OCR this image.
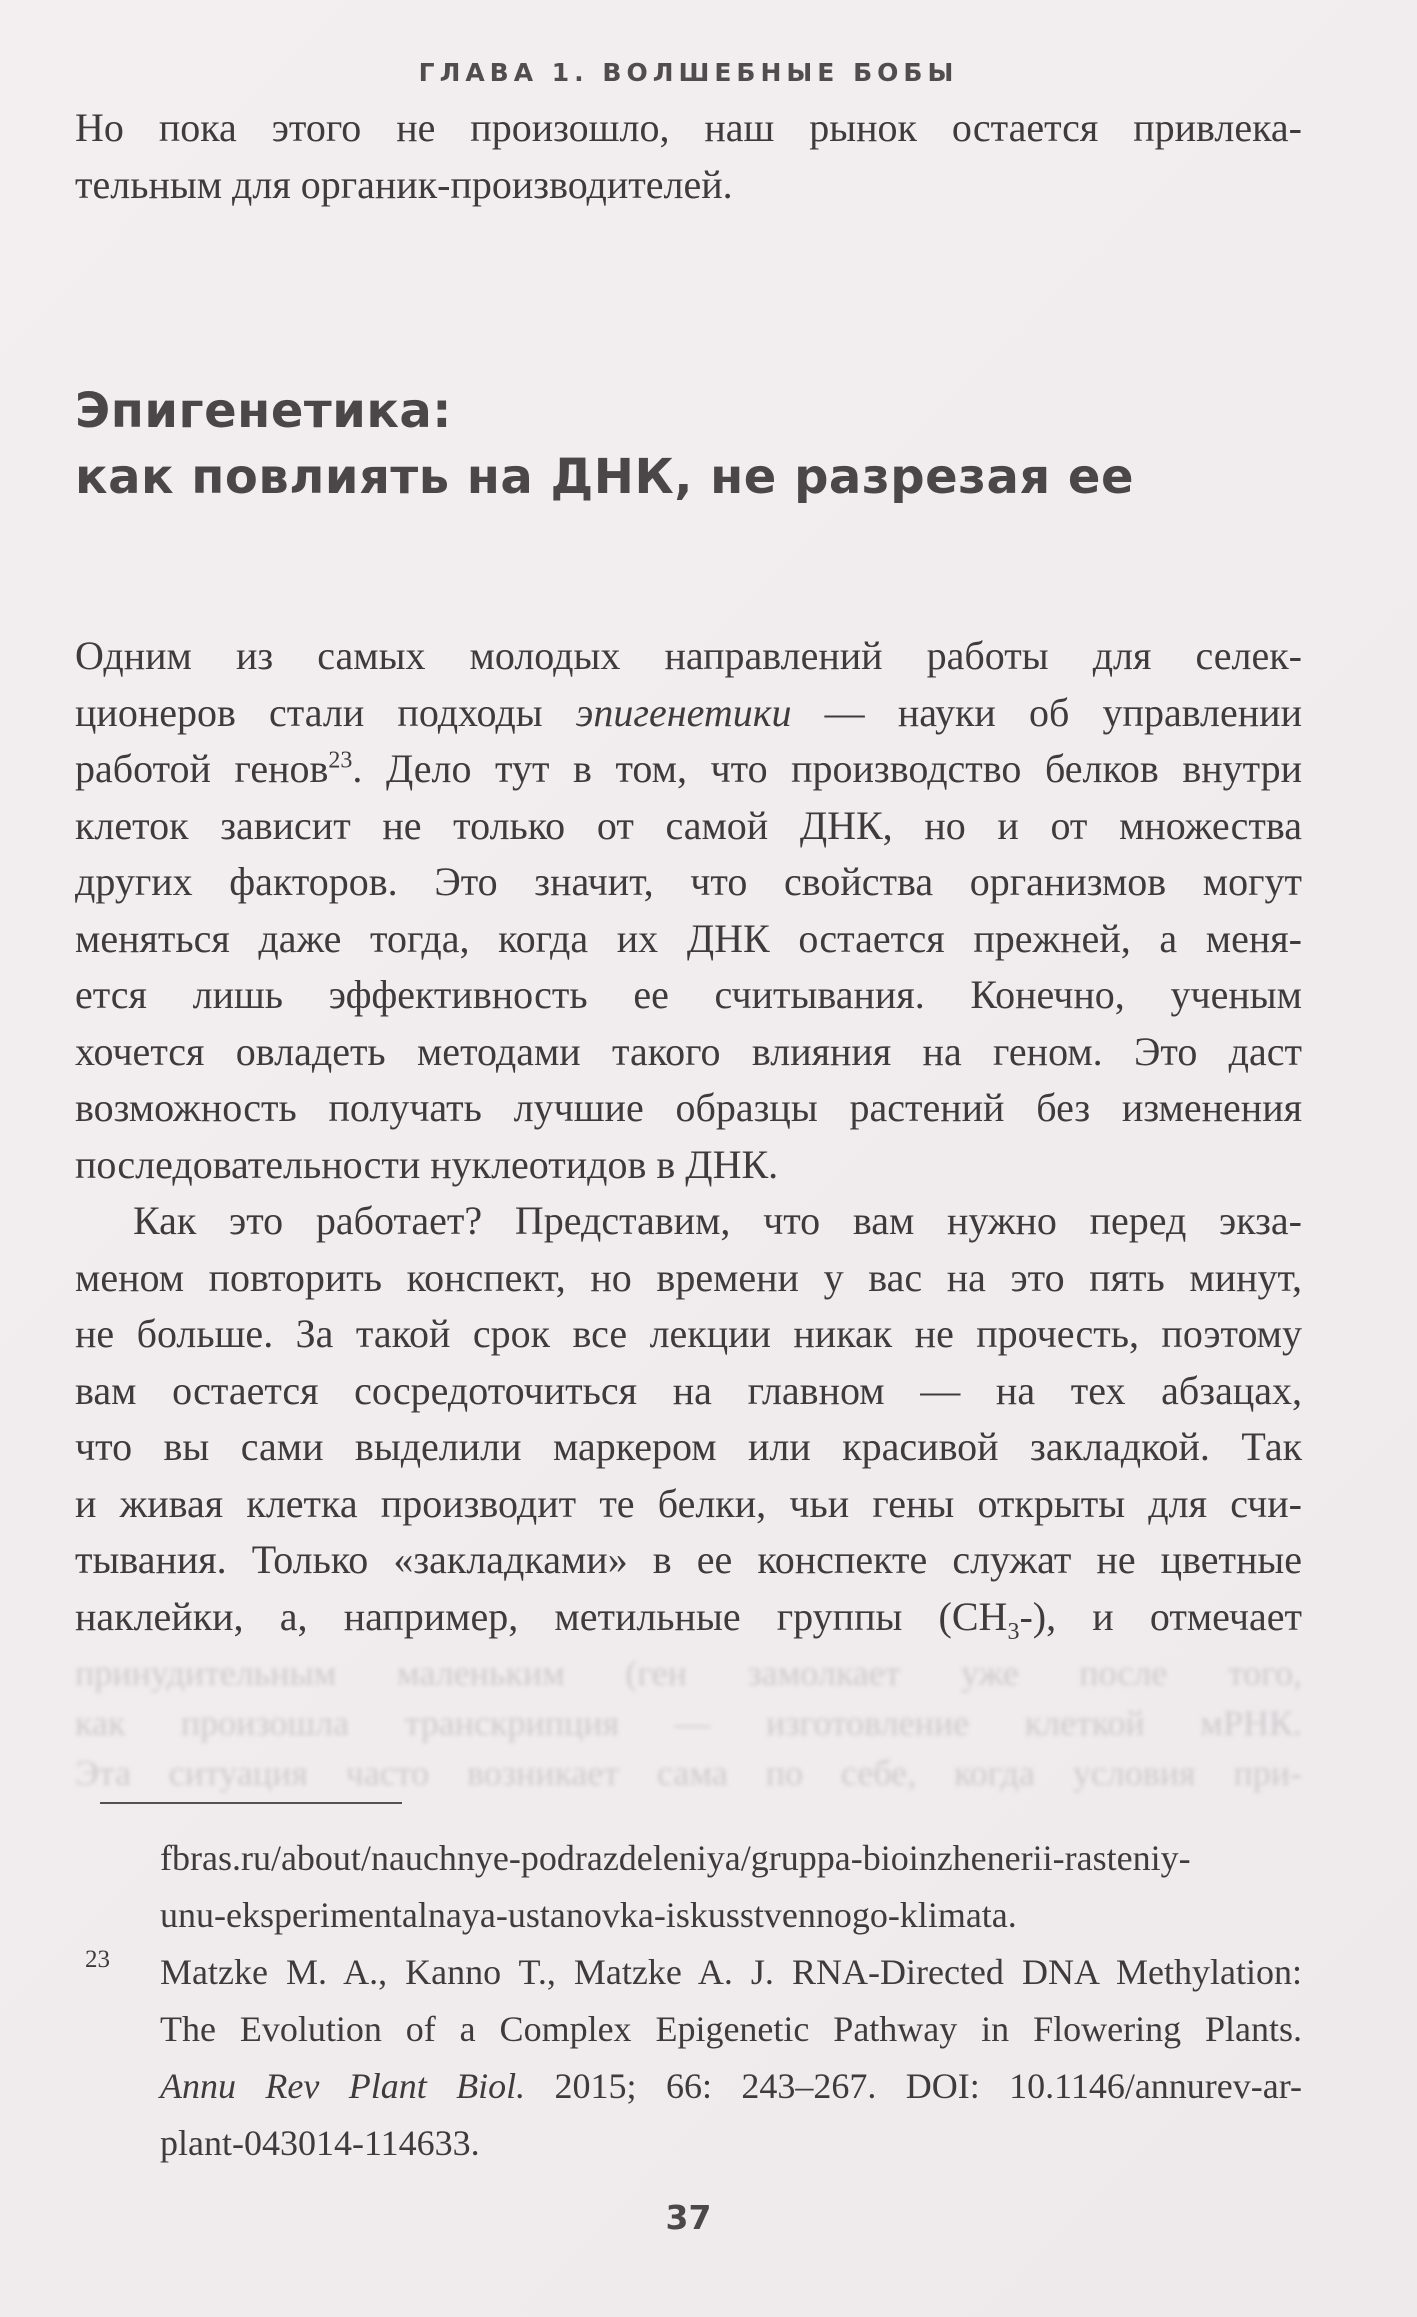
ГЛАВА 1. ВОЛШЕБНЫЕ БОБЫ
Но пока этого не произошло, наш рынок остается привлека-
тельным для органик-производителей.
Эпигенетика:
как повлиять на ДНК, не разрезая ее
Одним из самых молодых направлений работы для селек-
ционеров стали подходы эпигенетики — науки об управлении
работой генов$^{23}$. Дело тут в том, что производство белков внутри
клеток зависит не только от самой ДНК, но и от множества
других факторов. Это значит, что свойства организмов могут
меняться даже тогда, когда их ДНК остается прежней, а меня-
ется лишь эффективность ее считывания. Конечно, ученым
хочется овладеть методами такого влияния на геном. Это даст
возможность получать лучшие образцы растений без изменения
последовательности нуклеотидов в ДНК.
Как это работает? Представим, что вам нужно перед экза-
меном повторить конспект, но времени у вас на это пять минут,
не больше. За такой срок все лекции никак не прочесть, поэтому
вам остается сосредоточиться на главном — на тех абзацах,
что вы сами выделили маркером или красивой закладкой. Так
и живая клетка производит те белки, чьи гены открыты для счи-
тывания. Только «закладками» в ее конспекте служат не цветные
наклейки, а, например, метильные группы $(CH_3-)$, и отмечает
принудительным маленьким (ген замолкает уже после того,
как произошла транскрипция — изготовление клеткой мРНК.
Эта ситуация часто возникает сама по себе, когда условия при-
fbras.ru/about/nauchnye-podrazdeleniya/gruppa-bioinzhenerii-rasteniy-
unu-eksperimentalnaya-ustanovka-iskusstvennogo-klimata.
23 Matzke M. A., Kanno T., Matzke A. J. RNA-Directed DNA Methylation:
The Evolution of a Complex Epigenetic Pathway in Flowering Plants.
Annu Rev Plant Biol. 2015; 66: 243–267. DOI: 10.1146/annurev-ar-
plant-043014-114633.
37
